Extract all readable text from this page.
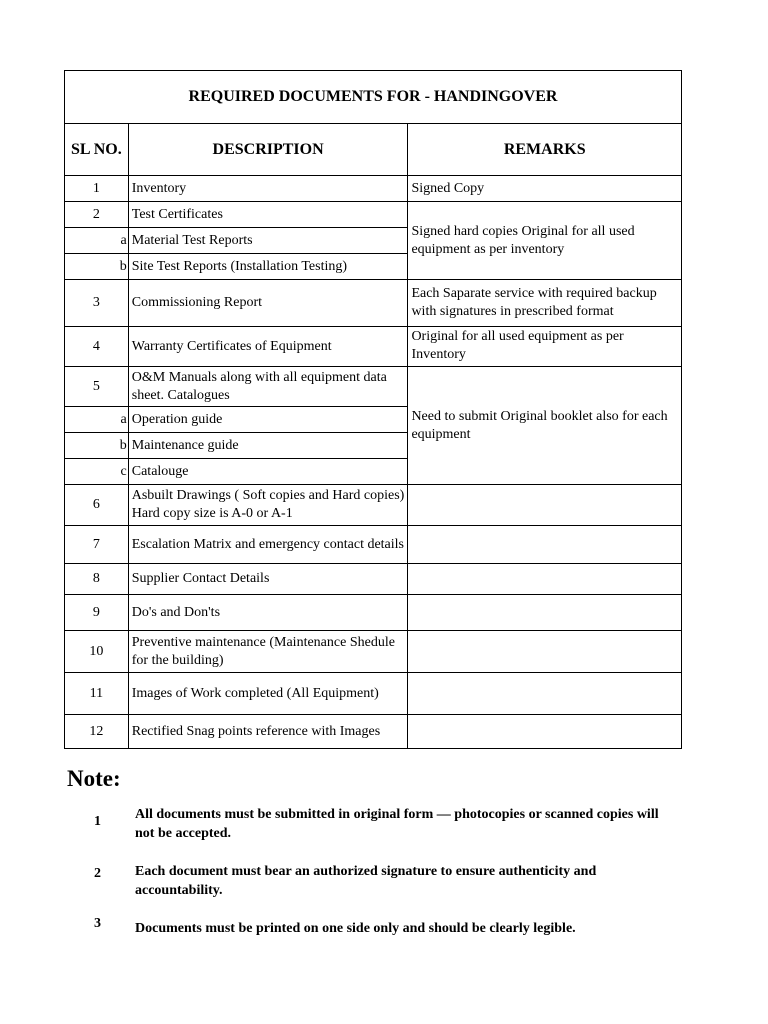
REQUIRED DOCUMENTS FOR - HANDINGOVER		
SL NO.	DESCRIPTION	REMARKS
1	Inventory	Signed Copy
2	Test Certificates	Signed hard copies Original for all used equipment as per inventory
a	Material Test Reports	
b	Site Test Reports (Installation Testing)	
3	Commissioning Report	Each Saparate service with required backup with signatures in prescribed format
4	Warranty Certificates of Equipment	Original for all used equipment as per Inventory
5	O&M Manuals along with all equipment data sheet. Catalogues	Need to submit Original booklet also for each equipment
a	Operation guide	
b	Maintenance guide	
c	Catalouge	
6	Asbuilt Drawings ( Soft copies and Hard copies) Hard copy size is A-0 or A-1	
7	Escalation Matrix and emergency contact details	
8	Supplier Contact Details	
9	Do's and Don'ts	
10	Preventive maintenance (Maintenance Shedule for the building)	
11	Images of Work completed (All Equipment)	
12	Rectified Snag points reference with Images	
Note:
1 All documents must be submitted in original form — photocopies or scanned copies will not be accepted.
2 Each document must bear an authorized signature to ensure authenticity and accountability.
3 Documents must be printed on one side only and should be clearly legible.
